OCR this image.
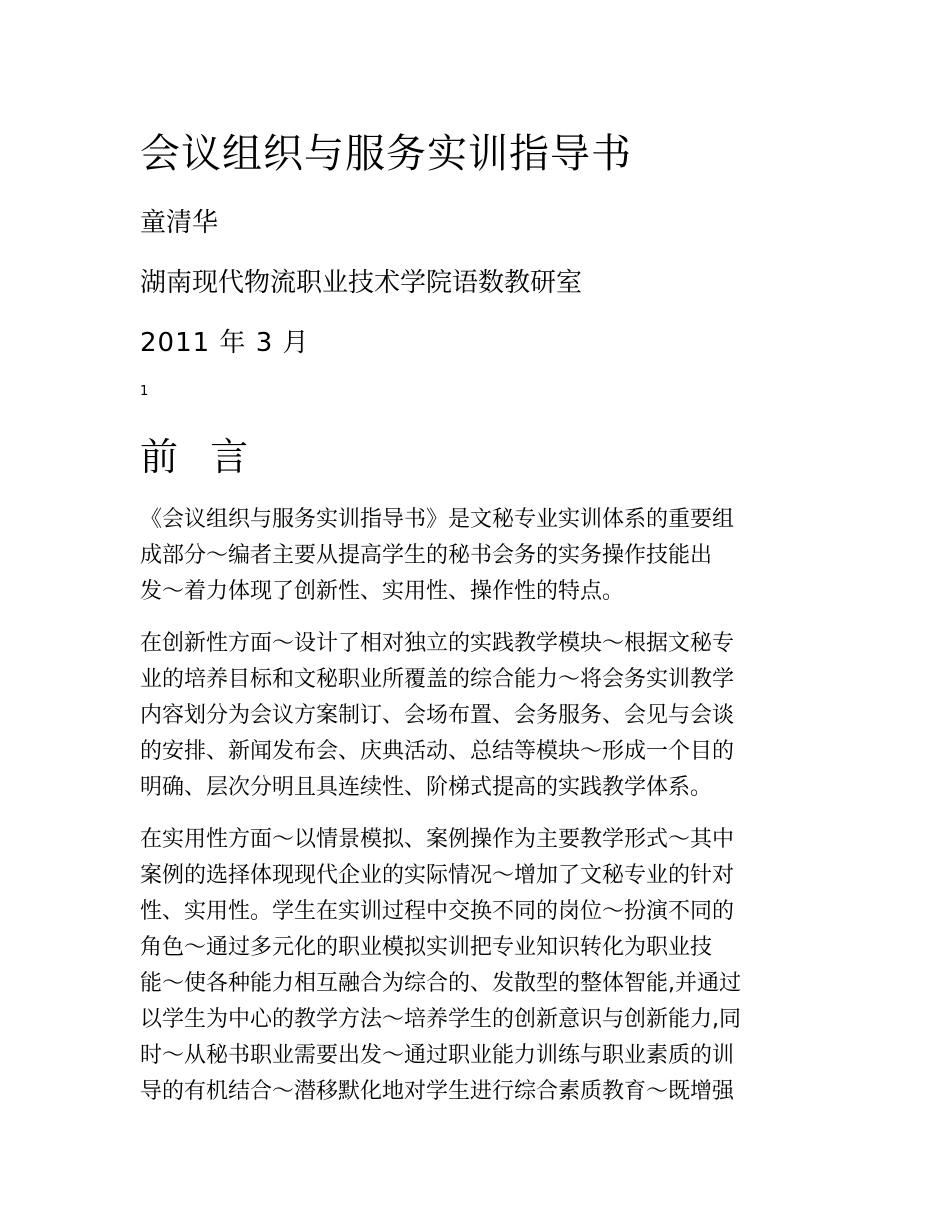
会议组织与服务实训指导书

童清华

湖南现代物流职业技术学院语数教研室

2011 年 3 月

1

前 言
《会议组织与服务实训指导书》是文秘专业实训体系的重要组
成部分～编者主要从提高学生的秘书会务的实务操作技能出
发～着力体现了创新性、实用性、操作性的特点。
在创新性方面～设计了相对独立的实践教学模块～根据文秘专
业的培养目标和文秘职业所覆盖的综合能力～将会务实训教学
内容划分为会议方案制订、会场布置、会务服务、会见与会谈
的安排、新闻发布会、庆典活动、总结等模块～形成一个目的
明确、层次分明且具连续性、阶梯式提高的实践教学体系。
在实用性方面～以情景模拟、案例操作为主要教学形式～其中
案例的选择体现现代企业的实际情况～增加了文秘专业的针对
性、实用性。学生在实训过程中交换不同的岗位～扮演不同的
角色～通过多元化的职业模拟实训把专业知识转化为职业技
能～使各种能力相互融合为综合的、发散型的整体智能,并通过
以学生为中心的教学方法～培养学生的创新意识与创新能力,同
时～从秘书职业需要出发～通过职业能力训练与职业素质的训
导的有机结合～潜移默化地对学生进行综合素质教育～既增强
